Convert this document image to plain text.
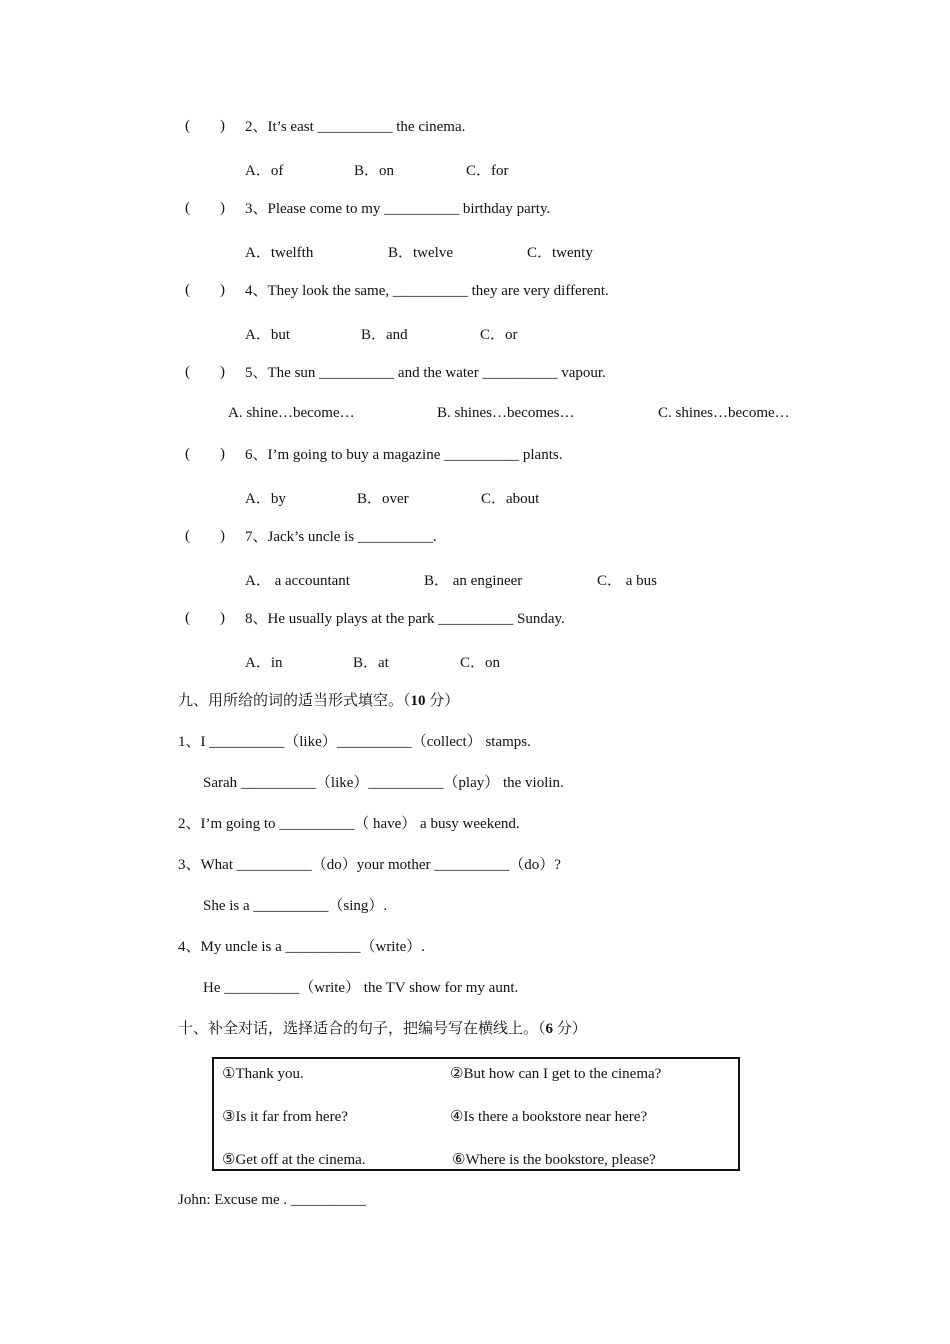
(        ) 2、It’s east __________ the cinema.
A．of	B．on	C．for
(        ) 3、Please come to my __________ birthday party.
A．twelfth	B．twelve	C．twenty
(        ) 4、They look the same, __________ they are very different.
A．but	B．and	C．or
(        ) 5、The sun __________ and the water __________ vapour.
A. shine…become…	B. shines…becomes…	C. shines…become…
(        ) 6、I’m going to buy a magazine __________ plants.
A．by	B．over	C．about
(        ) 7、Jack’s uncle is __________.
A． a accountant	B． an engineer	C． a bus
(        ) 8、He usually plays at the park __________ Sunday.
A．in	B．at	C．on
九、用所给的词的适当形式填空。（10 分）
1、I __________（like）__________（collect） stamps.
Sarah __________（like）__________（play） the violin.
2、I’m going to __________（ have） a busy weekend.
3、What __________（do）your mother __________（do）?
She is a __________（sing）.
4、My uncle is a __________（write）.
He __________（write） the TV show for my aunt.
十、补全对话，选择适合的句子，把编号写在横线上。（6 分）
①Thank you.	②But how can I get to the cinema?
③Is it far from here?	④Is there a bookstore near here?
⑤Get off at the cinema.	⑥Where is the bookstore, please?
John: Excuse me . __________
